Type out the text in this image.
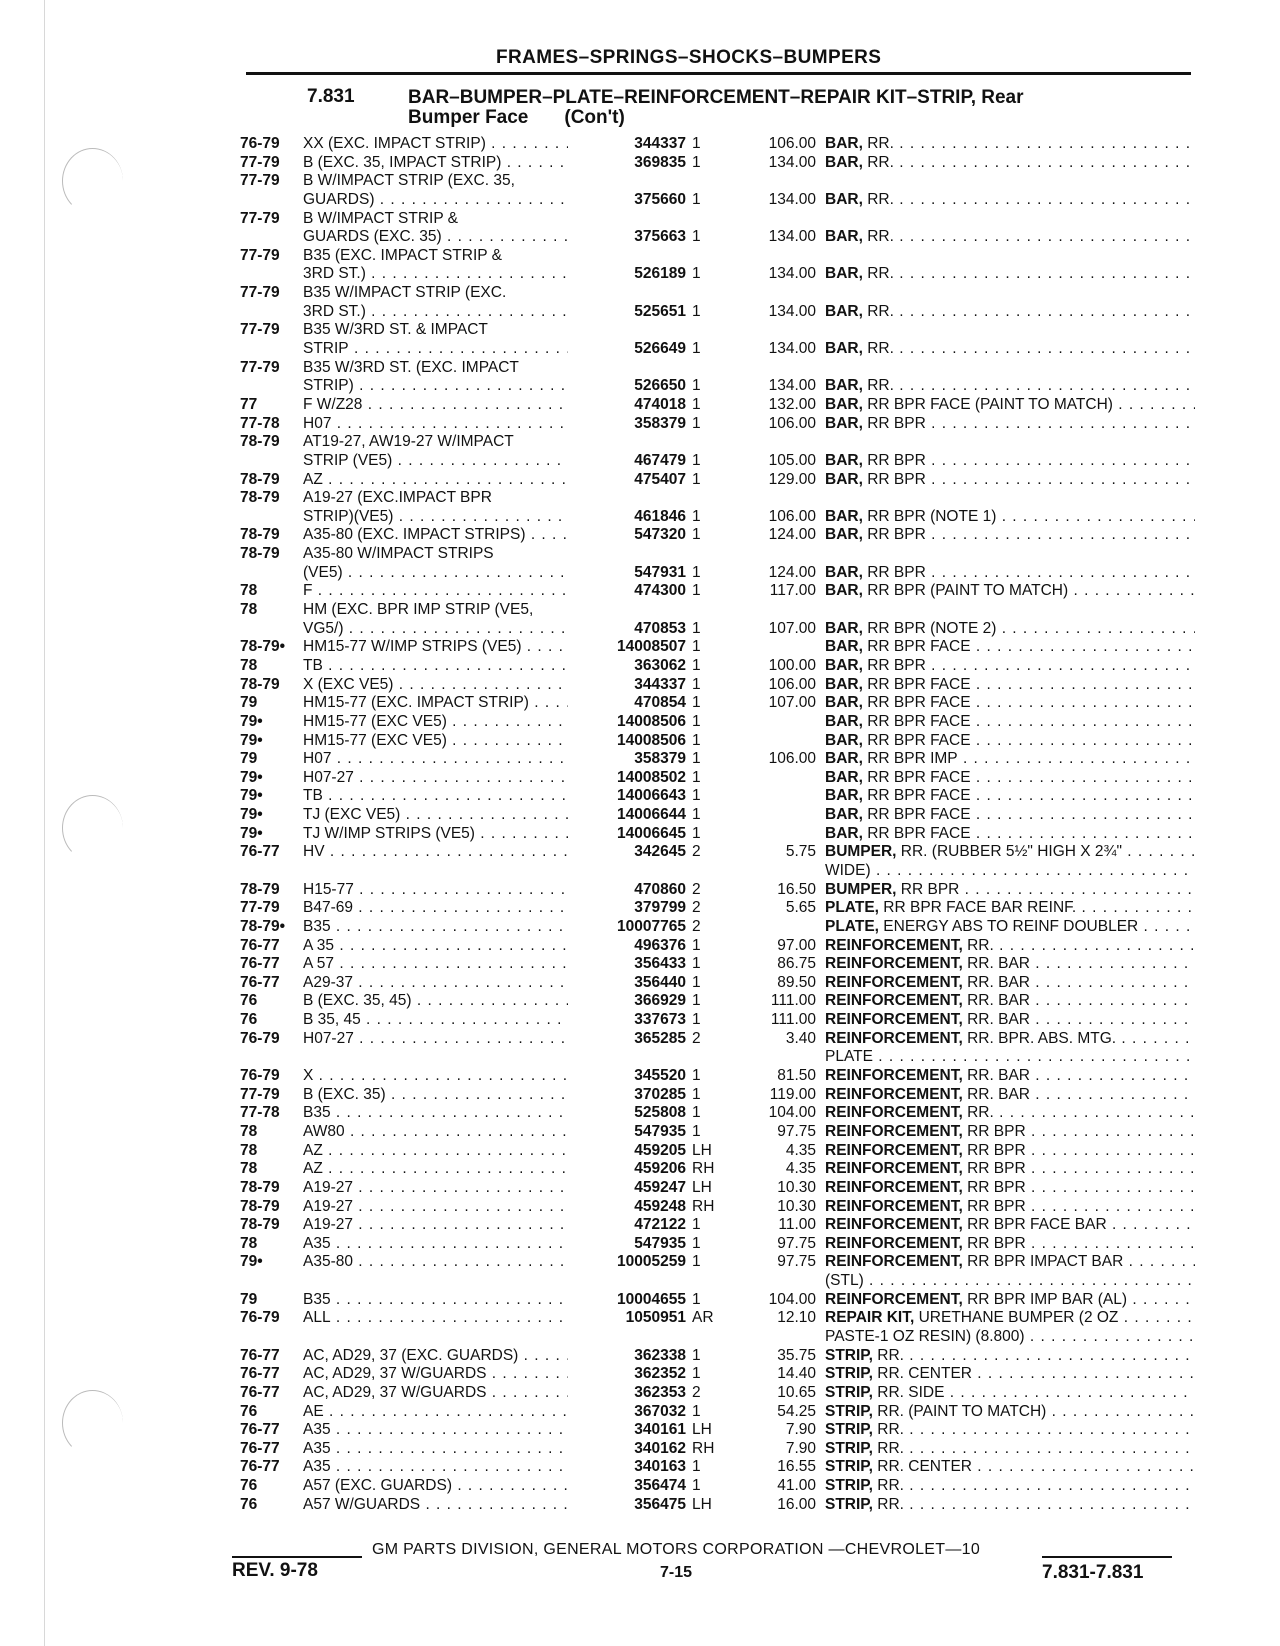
FRAMES–SPRINGS–SHOCKS–BUMPERS
7.831	BAR–BUMPER–PLATE–REINFORCEMENT–REPAIR KIT–STRIP, Rear
Bumper Face (Con't)
76-79	XX (EXC. IMPACT STRIP) . . .	344337 1	106.00 BAR, RR. . . .
77-79	B (EXC. 35, IMPACT STRIP) . . .	369835 1	134.00 BAR, RR. . . .
77-79	B W/IMPACT STRIP (EXC. 35,
GUARDS) . . .	375660 1	134.00 BAR, RR. . . .
77-79	B W/IMPACT STRIP &
GUARDS (EXC. 35) . . .	375663 1	134.00 BAR, RR. . . .
77-79	B35 (EXC. IMPACT STRIP &
3RD ST.) . . .	526189 1	134.00 BAR, RR. . . .
77-79	B35 W/IMPACT STRIP (EXC.
3RD ST.) . . .	525651 1	134.00 BAR, RR. . . .
77-79	B35 W/3RD ST. & IMPACT
STRIP . . .	526649 1	134.00 BAR, RR. . . .
77-79	B35 W/3RD ST. (EXC. IMPACT
STRIP) . . .	526650 1	134.00 BAR, RR. . . .
77	F W/Z28 . . .	474018 1	132.00 BAR, RR BPR FACE (PAINT TO MATCH) . . .
77-78	H07 . . .	358379 1	106.00 BAR, RR BPR . . .
78-79	AT19-27, AW19-27 W/IMPACT
STRIP (VE5) . . .	467479 1	105.00 BAR, RR BPR . . .
78-79	AZ . . .	475407 1	129.00 BAR, RR BPR . . .
78-79	A19-27 (EXC.IMPACT BPR
STRIP)(VE5) . . .	461846 1	106.00 BAR, RR BPR (NOTE 1) . . .
78-79	A35-80 (EXC. IMPACT STRIPS) . . .	547320 1	124.00 BAR, RR BPR . . .
78-79	A35-80 W/IMPACT STRIPS
(VE5) . . .	547931 1	124.00 BAR, RR BPR . . .
78	F . . .	474300 1	117.00 BAR, RR BPR (PAINT TO MATCH) . . .
78	HM (EXC. BPR IMP STRIP (VE5,
VG5/) . . .	470853 1	107.00 BAR, RR BPR (NOTE 2) . . .
78-79•	HM15-77 W/IMP STRIPS (VE5) . . .	14008507 1	BAR, RR BPR FACE . . .
78	TB . . .	363062 1	100.00 BAR, RR BPR . . .
78-79	X (EXC VE5) . . .	344337 1	106.00 BAR, RR BPR FACE . . .
79	HM15-77 (EXC. IMPACT STRIP) . . .	470854 1	107.00 BAR, RR BPR FACE . . .
79•	HM15-77 (EXC VE5) . . .	14008506 1	BAR, RR BPR FACE . . .
79•	HM15-77 (EXC VE5) . . .	14008506 1	BAR, RR BPR FACE . . .
79	H07 . . .	358379 1	106.00 BAR, RR BPR IMP . . .
79•	H07-27 . . .	14008502 1	BAR, RR BPR FACE . . .
79•	TB . . .	14006643 1	BAR, RR BPR FACE . . .
79•	TJ (EXC VE5) . . .	14006644 1	BAR, RR BPR FACE . . .
79•	TJ W/IMP STRIPS (VE5) . . .	14006645 1	BAR, RR BPR FACE . . .
76-77	HV . . .	342645 2	5.75 BUMPER, RR. (RUBBER 5½" HIGH X 2¾" . . .
WIDE) . . .
78-79	H15-77 . . .	470860 2	16.50 BUMPER, RR BPR . . .
77-79	B47-69 . . .	379799 2	5.65 PLATE, RR BPR FACE BAR REINF. . . .
78-79•	B35 . . .	10007765 2	PLATE, ENERGY ABS TO REINF DOUBLER . . .
76-77	A 35 . . .	496376 1	97.00 REINFORCEMENT, RR. . . .
76-77	A 57 . . .	356433 1	86.75 REINFORCEMENT, RR. BAR . . .
76-77	A29-37 . . .	356440 1	89.50 REINFORCEMENT, RR. BAR . . .
76	B (EXC. 35, 45) . . .	366929 1	111.00 REINFORCEMENT, RR. BAR . . .
76	B 35, 45 . . .	337673 1	111.00 REINFORCEMENT, RR. BAR . . .
76-79	H07-27 . . .	365285 2	3.40 REINFORCEMENT, RR. BPR. ABS. MTG. . . .
PLATE . . .
76-79	X . . .	345520 1	81.50 REINFORCEMENT, RR. BAR . . .
77-79	B (EXC. 35) . . .	370285 1	119.00 REINFORCEMENT, RR. BAR . . .
77-78	B35 . . .	525808 1	104.00 REINFORCEMENT, RR. . . .
78	AW80 . . .	547935 1	97.75 REINFORCEMENT, RR BPR . . .
78	AZ . . .	459205 LH	4.35 REINFORCEMENT, RR BPR . . .
78	AZ . . .	459206 RH	4.35 REINFORCEMENT, RR BPR . . .
78-79	A19-27 . . .	459247 LH	10.30 REINFORCEMENT, RR BPR . . .
78-79	A19-27 . . .	459248 RH	10.30 REINFORCEMENT, RR BPR . . .
78-79	A19-27 . . .	472122 1	11.00 REINFORCEMENT, RR BPR FACE BAR . . .
78	A35 . . .	547935 1	97.75 REINFORCEMENT, RR BPR . . .
79•	A35-80 . . .	10005259 1	97.75 REINFORCEMENT, RR BPR IMPACT BAR . . .
(STL) . . .
79	B35 . . .	10004655 1	104.00 REINFORCEMENT, RR BPR IMP BAR (AL) . . .
76-79	ALL . . .	1050951 AR	12.10 REPAIR KIT, URETHANE BUMPER (2 OZ . . .
PASTE-1 OZ RESIN) (8.800) . . .
76-77	AC, AD29, 37 (EXC. GUARDS) . . .	362338 1	35.75 STRIP, RR. . . .
76-77	AC, AD29, 37 W/GUARDS . . .	362352 1	14.40 STRIP, RR. CENTER . . .
76-77	AC, AD29, 37 W/GUARDS . . .	362353 2	10.65 STRIP, RR. SIDE . . .
76	AE . . .	367032 1	54.25 STRIP, RR. (PAINT TO MATCH) . . .
76-77	A35 . . .	340161 LH	7.90 STRIP, RR. . . .
76-77	A35 . . .	340162 RH	7.90 STRIP, RR. . . .
76-77	A35 . . .	340163 1	16.55 STRIP, RR. CENTER . . .
76	A57 (EXC. GUARDS) . . .	356474 1	41.00 STRIP, RR. . . .
76	A57 W/GUARDS . . .	356475 LH	16.00 STRIP, RR. . . .
GM PARTS DIVISION, GENERAL MOTORS CORPORATION —CHEVROLET—10
REV. 9-78	7-15	7.831-7.831
